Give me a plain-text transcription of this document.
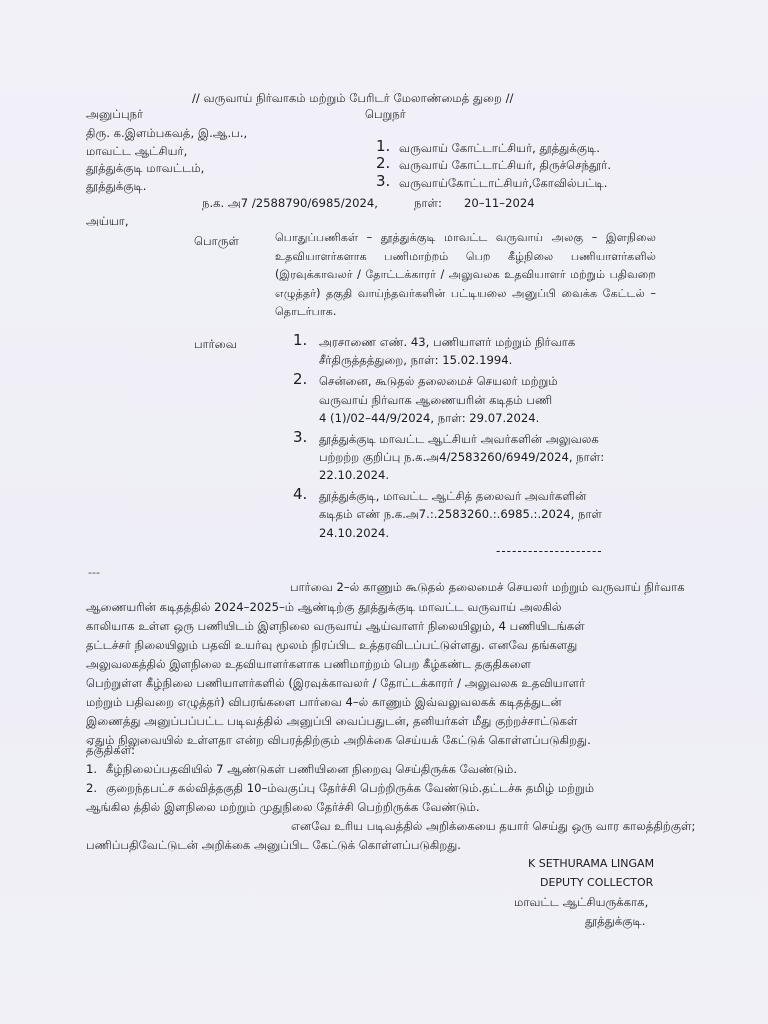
// வருவாய் நிர்வாகம் மற்றும் பேரிடர் மேலாண்மைத் துறை //
அனுப்புநர்
திரு. க.இளம்பகவத், இ.ஆ.ப.,
மாவட்ட ஆட்சியர்,
தூத்துக்குடி மாவட்டம்,
தூத்துக்குடி.
பெறுநர்
1. வருவாய் கோட்டாட்சியர், தூத்துக்குடி.
2. வருவாய் கோட்டாட்சியர், திருச்செந்தூர்.
3. வருவாய்கோட்டாட்சியர்,கோவில்பட்டி.
ந.க. அ7 /2588790/6985/2024,	நாள்: 20–11–2024
அய்யா,
பொருள்	பொதுப்பணிகள் – தூத்துக்குடி மாவட்ட வருவாய் அலகு – இளநிலை உதவியாளர்களாக பணிமாற்றம் பெற கீழ்நிலை பணியாளர்களில் (இரவுக்காவலர் / தோட்டக்காரர் / அலுவலக உதவியாளர் மற்றும் பதிவறை எழுத்தர்) தகுதி வாய்ந்தவர்களின் பட்டியலை அனுப்பி வைக்க கேட்டல் – தொடர்பாக.
பார்வை	1. அரசாணை எண். 43, பணியாளர் மற்றும் நிர்வாக
சீர்திருத்தத்துறை, நாள்: 15.02.1994.
2. சென்னை, கூடுதல் தலைமைச் செயலர் மற்றும்
வருவாய் நிர்வாக ஆணையரின் கடிதம் பணி
4 (1)/02–44/9/2024, நாள்: 29.07.2024.
3. தூத்துக்குடி மாவட்ட ஆட்சியர் அவர்களின் அலுவலக
பற்றற்ற குறிப்பு ந.க.அ4/2583260/6949/2024, நாள்:
22.10.2024.
4. தூத்துக்குடி, மாவட்ட ஆட்சித் தலைவர் அவர்களின்
கடிதம் எண் ந.க.அ7.:.2583260.:.6985.:.2024, நாள்
24.10.2024.
--------------------
---
பார்வை 2–ல் காணும் கூடுதல் தலைமைச் செயலர் மற்றும் வருவாய் நிர்வாக
ஆணையரின் கடிதத்தில் 2024–2025–ம் ஆண்டிற்கு தூத்துக்குடி மாவட்ட வருவாய் அலகில்
காலியாக உள்ள ஒரு பணியிடம் இளநிலை வருவாய் ஆய்வாளர் நிலையிலும், 4 பணியிடங்கள்
தட்டச்சர் நிலையிலும் பதவி உயர்வு மூலம் நிரப்பிட உத்தரவிடப்பட்டுள்ளது. எனவே தங்களது
அலுவலகத்தில் இளநிலை உதவியாளர்களாக பணிமாற்றம் பெற கீழ்கண்ட தகுதிகளை
பெற்றுள்ள கீழ்நிலை பணியாளர்களில் (இரவுக்காவலர் / தோட்டக்காரர் / அலுவலக உதவியாளர்
மற்றும் பதிவறை எழுத்தர்) விபரங்களை பார்வை 4–ல் காணும் இவ்வலுவலகக் கடிதத்துடன்
இணைத்து அனுப்பப்பட்ட படிவத்தில் அனுப்பி வைப்பதுடன், தனியர்கள் மீது குற்றச்சாட்டுகள்
ஏதும் நிலுவையில் உள்ளதா என்ற விபரத்திற்கும் அறிக்கை செய்யக் கேட்டுக் கொள்ளப்படுகிறது.
தகுதிகள்:
1. கீழ்நிலைப்பதவியில் 7 ஆண்டுகள் பணியினை நிறைவு செய்திருக்க வேண்டும்.
2. குறைந்தபட்ச கல்வித்தகுதி 10–ம்வகுப்பு தேர்ச்சி பெற்றிருக்க வேண்டும்.தட்டச்சு தமிழ் மற்றும்
ஆங்கில த்தில் இளநிலை மற்றும் முதுநிலை தேர்ச்சி பெற்றிருக்க வேண்டும்.
எனவே உரிய படிவத்தில் அறிக்கையை தயார் செய்து ஒரு வார காலத்திற்குள்;
பணிப்பதிவேட்டுடன் அறிக்கை அனுப்பிட கேட்டுக் கொள்ளப்படுகிறது.
K SETHURAMA LINGAM
DEPUTY COLLECTOR
மாவட்ட ஆட்சியருக்காக,
தூத்துக்குடி.
